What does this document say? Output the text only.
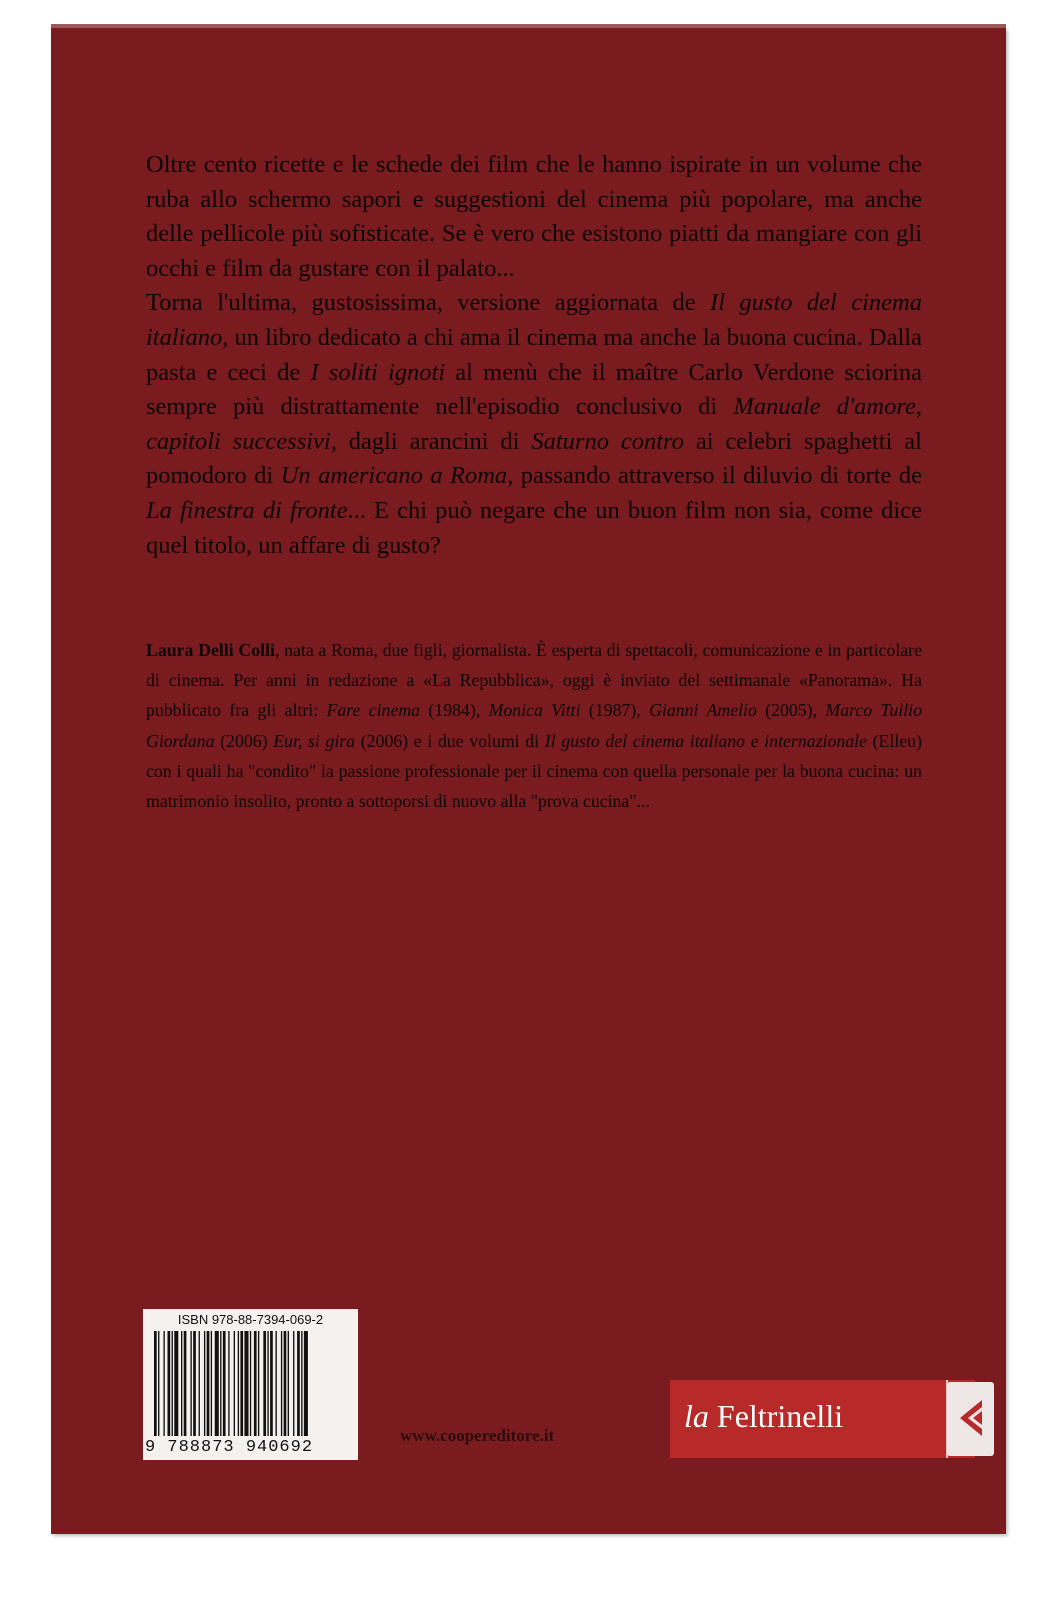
Oltre cento ricette e le schede dei film che le hanno ispirate in un volume che ruba allo schermo sapori e suggestioni del cinema più popolare, ma anche delle pellicole più sofisticate. Se è vero che esistono piatti da mangiare con gli occhi e film da gustare con il palato...

Torna l'ultima, gustosissima, versione aggiornata de Il gusto del cinema italiano, un libro dedicato a chi ama il cinema ma anche la buona cucina. Dalla pasta e ceci de I soliti ignoti al menù che il maître Carlo Verdone sciorina sempre più distrattamente nell'episodio conclusivo di Manuale d'amore, capitoli successivi, dagli arancini di Saturno contro ai celebri spaghetti al pomodoro di Un americano a Roma, passando attraverso il diluvio di torte de La finestra di fronte... E chi può negare che un buon film non sia, come dice quel titolo, un affare di gusto?

Laura Delli Colli, nata a Roma, due figli, giornalista. È esperta di spettacoli, comunicazione e in particolare di cinema. Per anni in redazione a «La Repubblica», oggi è inviato del settimanale «Panorama». Ha pubblicato fra gli altri: Fare cinema (1984), Monica Vitti (1987), Gianni Amelio (2005), Marco Tullio Giordana (2006) Eur, si gira (2006) e i due volumi di Il gusto del cinema italiano e internazionale (Elleu) con i quali ha "condito" la passione professionale per il cinema con quella personale per la buona cucina: un matrimonio insolito, pronto a sottoporsi di nuovo alla "prova cucina"...

ISBN 978-88-7394-069-2
9 788873 940692
www.coopereditore.it
la Feltrinelli
